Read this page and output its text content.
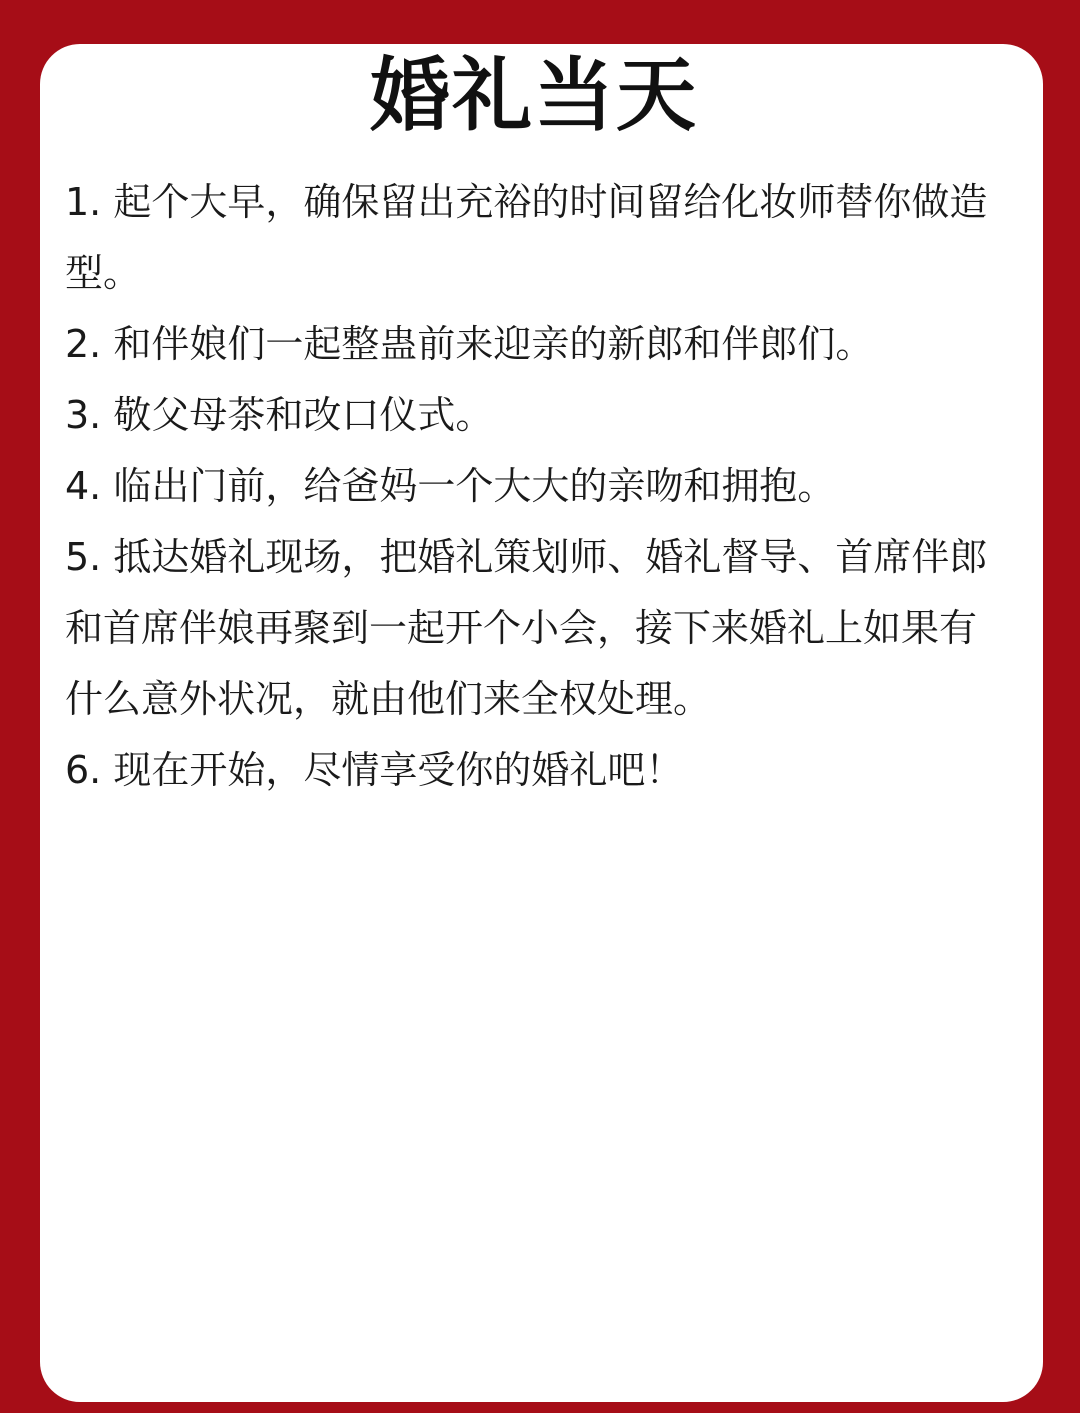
婚礼当天
1. 起个大早，确保留出充裕的时间留给化妆师替你做造型。
2. 和伴娘们一起整蛊前来迎亲的新郎和伴郎们。
3. 敬父母茶和改口仪式。
4. 临出门前，给爸妈一个大大的亲吻和拥抱。
5. 抵达婚礼现场，把婚礼策划师、婚礼督导、首席伴郎和首席伴娘再聚到一起开个小会，接下来婚礼上如果有什么意外状况，就由他们来全权处理。
6. 现在开始，尽情享受你的婚礼吧！
